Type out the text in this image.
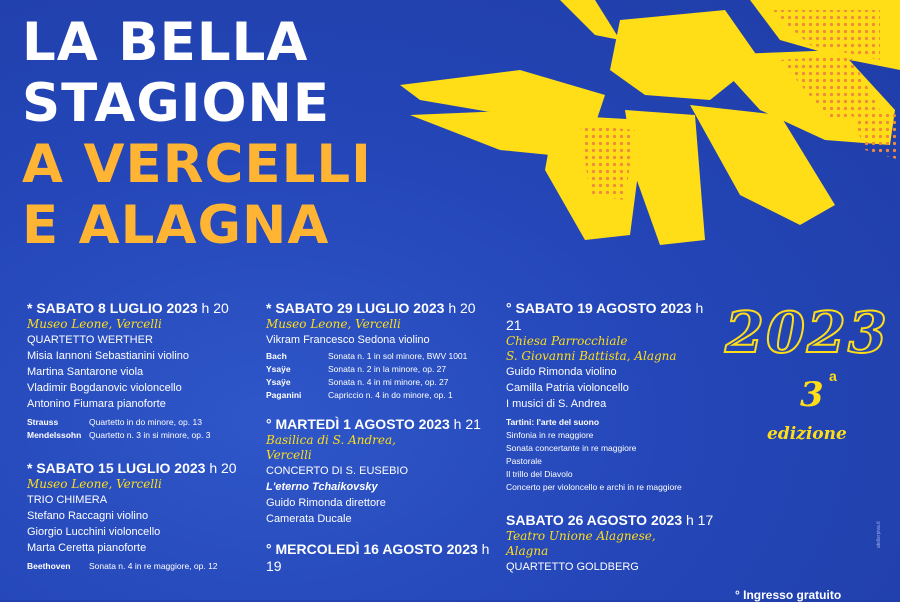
LA BELLA
STAGIONE
A VERCELLI
E ALAGNA
* SABATO 8 LUGLIO 2023 h 20
Museo Leone, Vercelli
QUARTETTO WERTHER
Misia Iannoni Sebastianini violino
Martina Santarone viola
Vladimir Bogdanovic violoncello
Antonino Fiumara pianoforte
Strauss	Quartetto in do minore, op. 13
Mendelssohn Quartetto n. 3 in si minore, op. 3
* SABATO 15 LUGLIO 2023 h 20
Museo Leone, Vercelli
TRIO CHIMERA
Stefano Raccagni violino
Giorgio Lucchini violoncello
Marta Ceretta pianoforte
Beethoven	Sonata n. 4 in re maggiore, op. 12
* SABATO 29 LUGLIO 2023 h 20
Museo Leone, Vercelli
Vikram Francesco Sedona violino
Bach	Sonata n. 1 in sol minore, BWV 1001
Ysaÿe	Sonata n. 2 in la minore, op. 27
Ysaÿe	Sonata n. 4 in mi minore, op. 27
Paganini	Capriccio n. 4 in do minore, op. 1
° MARTEDÌ 1 AGOSTO 2023 h 21
Basilica di S. Andrea,
Vercelli
CONCERTO DI S. EUSEBIO
L'eterno Tchaikovsky
Guido Rimonda direttore
Camerata Ducale
° MERCOLEDÌ 16 AGOSTO 2023 h 19
° SABATO 19 AGOSTO 2023 h 21
Chiesa Parrocchiale
S. Giovanni Battista, Alagna
Guido Rimonda violino
Camilla Patria violoncello
I musici di S. Andrea
Tartini: l'arte del suono
Sinfonia in re maggiore
Sonata concertante in re maggiore
Pastorale
Il trillo del Diavolo
Concerto per violoncello e archi in re maggiore
SABATO 26 AGOSTO 2023 h 17
Teatro Unione Alagnese,
Alagna
QUARTETTO GOLDBERG
2023
3 a
edizione
atelierpiva.it
° Ingresso gratuito
